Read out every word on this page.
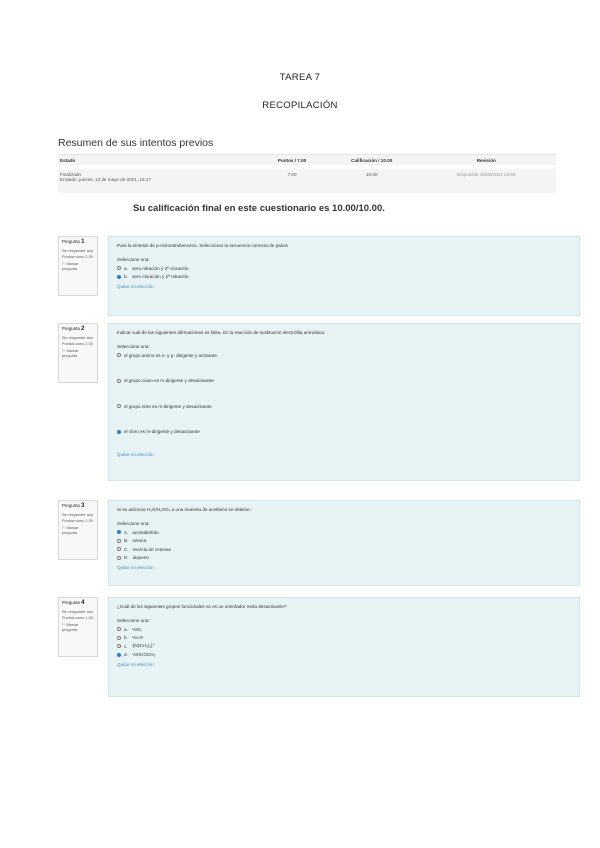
TAREA 7
RECOPILACIÓN
Resumen de sus intentos previos
Estado	Puntos / 7.00	Calificación / 10.00	Revisión

Finalizado
Enviado: jueves, 13 de mayo de 2021, 16:17	7.00	10.00	Disponible 16/05/2021 23:59
Su calificación final en este cuestionario es 10.00/10.00.
Pregunta 1
Sin responder aún
Puntúa como 2.00
⚐ Marcar pregunta
Para la síntesis de p-cloronitrobenceno. Seleccionar la secuencia correcta de pasos
Seleccione una:
a. 1ero nitración y 2ª cloración
b. 1ero cloración y 2ª nitración
Quitar mi elección
Pregunta 2
Sin responder aún
Puntúa como 2.00
⚐ Marcar pregunta
Indicar cuál de las siguientes afirmaciones es falsa. En la reacción de sustitución electrófila aromática:
Seleccione una:
el grupo amino es o- y p- dirigente y activante
el grupo ciano es m-dirigente y desactivante
el grupo nitro es m-dirigente y desactivante
el cloro es m-dirigente y desactivante
Quitar mi elección
Pregunta 3
Sin responder aún
Puntúa como 1.00
⚐ Marcar pregunta
Si se adiciona H₂O/H₂SO₄ a una muestra de acetileno se obtiene:
Seleccione una:
A. acetaldehído
B. cetona
C. mezcla de cetonas
D. alqueno
Quitar mi elección
Pregunta 4
Sin responder aún
Puntúa como 1.00
⚐ Marcar pregunta
¿Cuál de los siguientes grupos funcionales no es un orientador meta desactivante?
Seleccione una:
a. -NO₂
b. -N=O
c. -[N(CH₃)₃]⁺
d. -NHCOCH₃
Quitar mi elección
